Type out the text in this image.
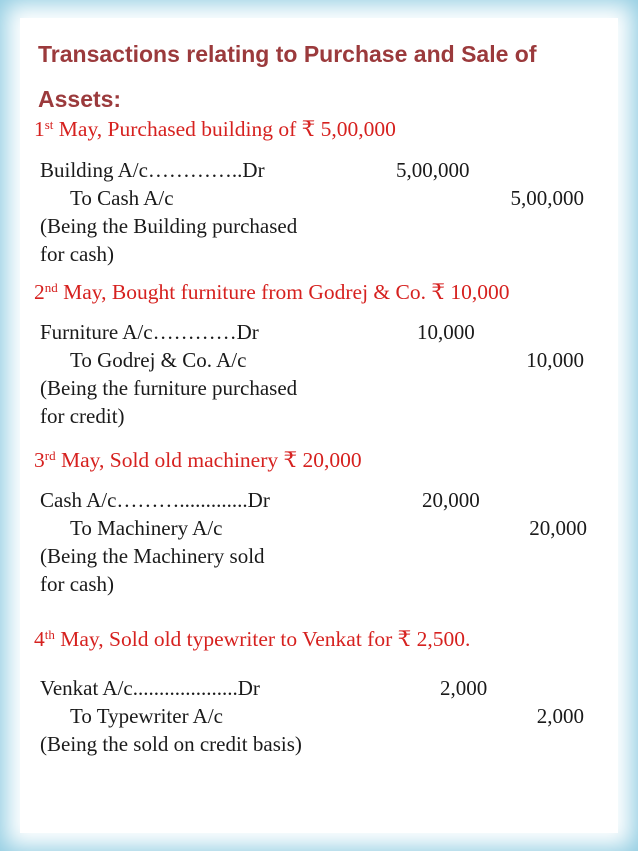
Transactions relating to Purchase and Sale of Assets:
1st May, Purchased building of ₹ 5,00,000
Building A/c…………..Dr	5,00,000
To Cash A/c	5,00,000
(Being the Building purchased
for cash)
2nd May, Bought furniture from Godrej & Co. ₹ 10,000
Furniture A/c…………Dr	10,000
To Godrej & Co. A/c	10,000
(Being the furniture purchased
for credit)
3rd May, Sold old machinery ₹ 20,000
Cash A/c……….............Dr	20,000
To Machinery A/c	20,000
(Being the Machinery sold
for cash)
4th May, Sold old typewriter to Venkat for ₹ 2,500.
Venkat A/c....................Dr	2,000
To Typewriter A/c	2,000
(Being the sold on credit basis)
